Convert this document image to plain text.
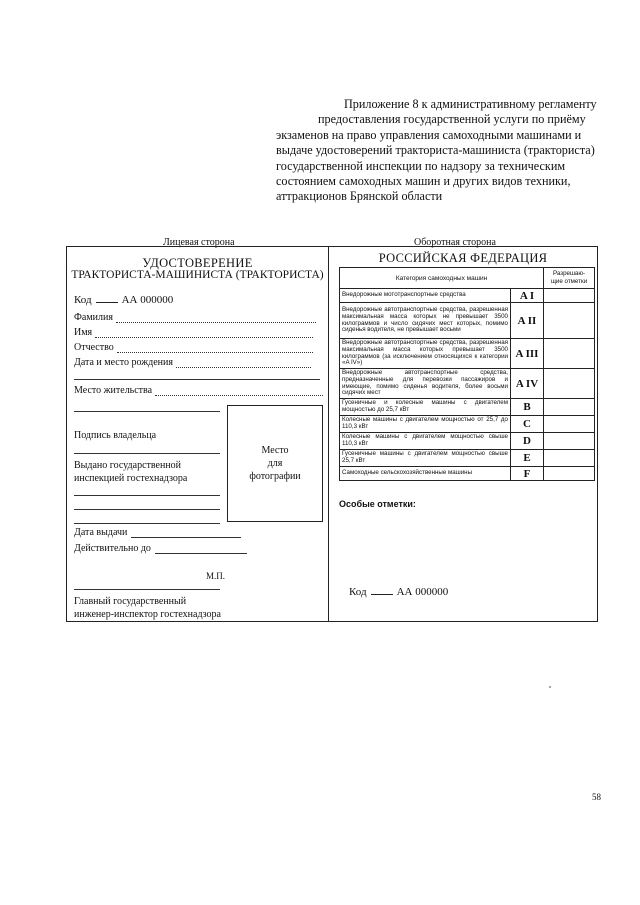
Приложение 8 к административному регламенту
предоставления государственной услуги по приёму
экзаменов на право управления самоходными машинами и
выдаче удостоверений тракториста-машиниста (тракториста)
государственной инспекции по надзору за техническим
состоянием самоходных машин и других видов техники,
аттракционов Брянской области
Лицевая сторона	Оборотная сторона
УДОСТОВЕРЕНИЕ
ТРАКТОРИСТА-МАШИНИСТА (ТРАКТОРИСТА)
Код	АА 000000
Фамилия
Имя
Отчество
Дата и место рождения
Место жительства
Подпись владельца
Выдано государственной
инспекцией гостехнадзора
Место
для
фотографии
Дата выдачи
Действительно до
М.П.
Главный государственный
инженер-инспектор гостехнадзора
РОССИЙСКАЯ ФЕДЕРАЦИЯ
Категория самоходных машин		Разрешаю-
щие отметки

Внедорожные мототранспортные средства	A I	
Внедорожные автотранспортные средства, разрешенная максимальная масса которых не превышает 3500 килограммов и число сидячих мест которых, помимо сиденья водителя, не превышает восьми	A II	
Внедорожные автотранспортные средства, разрешенная максимальная масса которых превышает 3500 килограммов (за исключением относящихся к категории «A IV»)	A III	
Внедорожные автотранспортные средства, предназначенные для перевозки пассажиров и имеющие, помимо сиденья водителя, более восьми сидячих мест	A IV	
Гусеничные и колесные машины с двигателем мощностью до 25,7 кВт	B	
Колесные машины с двигателем мощностью от 25,7 до 110,3 кВт	C	
Колесные машины с двигателем мощностью свыше 110,3 кВт	D	
Гусеничные машины с двигателем мощностью свыше 25,7 кВт	E	
Самоходные сельскохозяйственные машины	F	
Особые отметки:
Код	АА 000000
58
